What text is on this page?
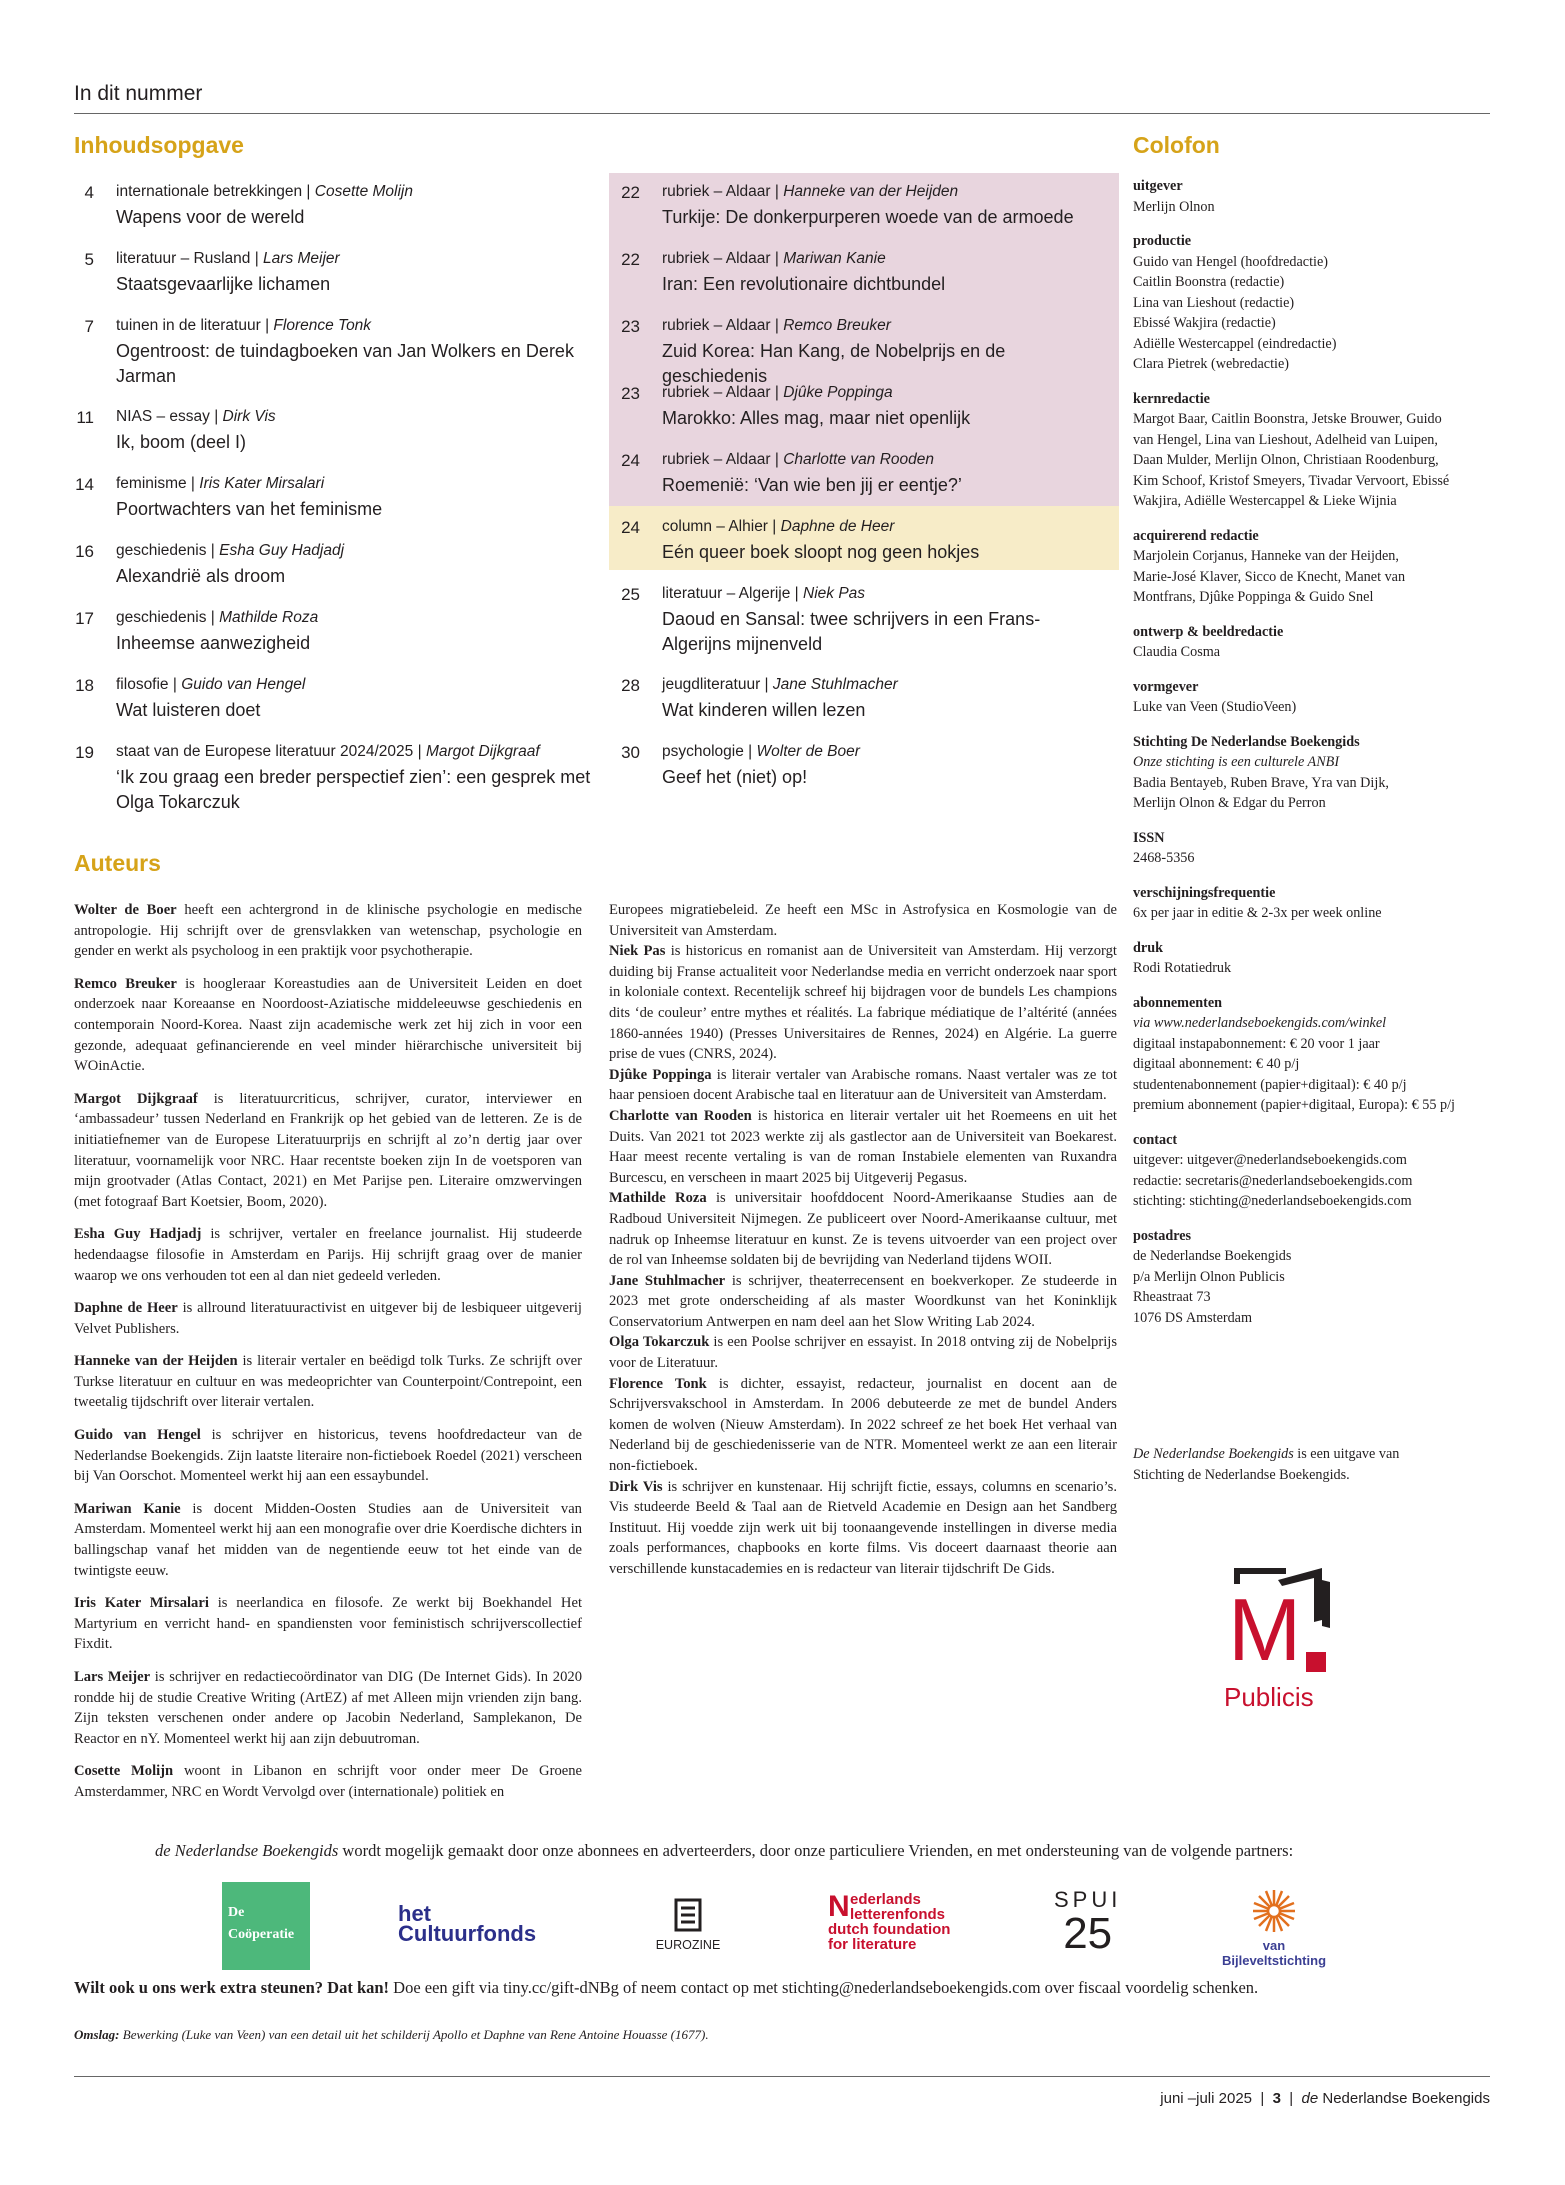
In dit nummer
Inhoudsopgave	Colofon
4 internationale betrekkingen | Cosette Molijn
Wapens voor de wereld
5 literatuur – Rusland | Lars Meijer
Staatsgevaarlijke lichamen
7 tuinen in de literatuur | Florence Tonk
Ogentroost: de tuindagboeken van Jan Wolkers en Derek Jarman
11 NIAS – essay | Dirk Vis
Ik, boom (deel I)
14 feminisme | Iris Kater Mirsalari
Poortwachters van het feminisme
16 geschiedenis | Esha Guy Hadjadj
Alexandrië als droom
17 geschiedenis | Mathilde Roza
Inheemse aanwezigheid
18 filosofie | Guido van Hengel
Wat luisteren doet
19 staat van de Europese literatuur 2024/2025 | Margot Dijkgraaf
‘Ik zou graag een breder perspectief zien’: een gesprek met Olga Tokarczuk
22 rubriek – Aldaar | Hanneke van der Heijden
Turkije: De donkerpurperen woede van de armoede
22 rubriek – Aldaar | Mariwan Kanie
Iran: Een revolutionaire dichtbundel
23 rubriek – Aldaar | Remco Breuker
Zuid Korea: Han Kang, de Nobelprijs en de geschiedenis
23 rubriek – Aldaar | Djûke Poppinga
Marokko: Alles mag, maar niet openlijk
24 rubriek – Aldaar | Charlotte van Rooden
Roemenië: ‘Van wie ben jij er eentje?’
24 column – Alhier | Daphne de Heer
Eén queer boek sloopt nog geen hokjes
25 literatuur – Algerije | Niek Pas
Daoud en Sansal: twee schrijvers in een Frans-Algerijns mijnenveld
28 jeugdliteratuur | Jane Stuhlmacher
Wat kinderen willen lezen
30 psychologie | Wolter de Boer
Geef het (niet) op!
uitgever
Merlijn Olnon
productie
Guido van Hengel (hoofdredactie)
Caitlin Boonstra (redactie)
Lina van Lieshout (redactie)
Ebissé Wakjira (redactie)
Adiëlle Westercappel (eindredactie)
Clara Pietrek (webredactie)
kernredactie
Margot Baar, Caitlin Boonstra, Jetske Brouwer, Guido
van Hengel, Lina van Lieshout, Adelheid van Luipen,
Daan Mulder, Merlijn Olnon, Christiaan Roodenburg,
Kim Schoof, Kristof Smeyers, Tivadar Vervoort, Ebissé
Wakjira, Adiëlle Westercappel & Lieke Wijnia
acquirerend redactie
Marjolein Corjanus, Hanneke van der Heijden,
Marie-José Klaver, Sicco de Knecht, Manet van
Montfrans, Djûke Poppinga & Guido Snel
ontwerp & beeldredactie
Claudia Cosma
vormgever
Luke van Veen (StudioVeen)
Stichting De Nederlandse Boekengids
Onze stichting is een culturele ANBI
Badia Bentayeb, Ruben Brave, Yra van Dijk,
Merlijn Olnon & Edgar du Perron
ISSN
2468-5356
verschijningsfrequentie
6x per jaar in editie & 2-3x per week online
druk
Rodi Rotatiedruk
abonnementen
via www.nederlandseboekengids.com/winkel
digitaal instapabonnement: € 20 voor 1 jaar
digitaal abonnement: € 40 p/j
studentenabonnement (papier+digitaal): € 40 p/j
premium abonnement (papier+digitaal, Europa): € 55 p/j
contact
uitgever: uitgever@nederlandseboekengids.com
redactie: secretaris@nederlandseboekengids.com
stichting: stichting@nederlandseboekengids.com
postadres
de Nederlandse Boekengids
p/a Merlijn Olnon Publicis
Rheastraat 73
1076 DS Amsterdam
De Nederlandse Boekengids is een uitgave van Stichting de Nederlandse Boekengids.
M
Publicis
Auteurs

Wolter de Boer heeft een achtergrond in de klinische psychologie en medische antropologie. Hij schrijft over de grensvlakken van wetenschap, psychologie en gender en werkt als psycholoog in een praktijk voor psychotherapie.

Remco Breuker is hoogleraar Koreastudies aan de Universiteit Leiden en doet onderzoek naar Koreaanse en Noordoost-Aziatische middeleeuwse geschiedenis en contemporain Noord-Korea. Naast zijn academische werk zet hij zich in voor een gezonde, adequaat gefinancierende en veel minder hiërarchische universiteit bij WOinActie.

Margot Dijkgraaf is literatuurcriticus, schrijver, curator, interviewer en ‘ambassadeur’ tussen Nederland en Frankrijk op het gebied van de letteren. Ze is de initiatiefnemer van de Europese Literatuurprijs en schrijft al zo’n dertig jaar over literatuur, voornamelijk voor NRC. Haar recentste boeken zijn In de voetsporen van mijn grootvader (Atlas Contact, 2021) en Met Parijse pen. Literaire omzwervingen (met fotograaf Bart Koetsier, Boom, 2020).

Esha Guy Hadjadj is schrijver, vertaler en freelance journalist. Hij studeerde hedendaagse filosofie in Amsterdam en Parijs. Hij schrijft graag over de manier waarop we ons verhouden tot een al dan niet gedeeld verleden.

Daphne de Heer is allround literatuuractivist en uitgever bij de lesbiqueer uitgeverij Velvet Publishers.

Hanneke van der Heijden is literair vertaler en beëdigd tolk Turks. Ze schrijft over Turkse literatuur en cultuur en was medeoprichter van Counterpoint/Contrepoint, een tweetalig tijdschrift over literair vertalen.

Guido van Hengel is schrijver en historicus, tevens hoofdredacteur van de Nederlandse Boekengids. Zijn laatste literaire non-fictieboek Roedel (2021) verscheen bij Van Oorschot. Momenteel werkt hij aan een essaybundel.

Mariwan Kanie is docent Midden-Oosten Studies aan de Universiteit van Amsterdam. Momenteel werkt hij aan een monografie over drie Koerdische dichters in ballingschap vanaf het midden van de negentiende eeuw tot het einde van de twintigste eeuw.

Iris Kater Mirsalari is neerlandica en filosofe. Ze werkt bij Boekhandel Het Martyrium en verricht hand- en spandiensten voor feministisch schrijverscollectief Fixdit.

Lars Meijer is schrijver en redactiecoördinator van DIG (De Internet Gids). In 2020 rondde hij de studie Creative Writing (ArtEZ) af met Alleen mijn vrienden zijn bang. Zijn teksten verschenen onder andere op Jacobin Nederland, Samplekanon, De Reactor en nY. Momenteel werkt hij aan zijn debuutroman.

Cosette Molijn woont in Libanon en schrijft voor onder meer De Groene Amsterdammer, NRC en Wordt Vervolgd over (internationale) politiek en

Europees migratiebeleid. Ze heeft een MSc in Astrofysica en Kosmologie van de Universiteit van Amsterdam.

Niek Pas is historicus en romanist aan de Universiteit van Amsterdam. Hij verzorgt duiding bij Franse actualiteit voor Nederlandse media en verricht onderzoek naar sport in koloniale context. Recentelijk schreef hij bijdragen voor de bundels Les champions dits ‘de couleur’ entre mythes et réalités. La fabrique médiatique de l’altérité (années 1860-années 1940) (Presses Universitaires de Rennes, 2024) en Algérie. La guerre prise de vues (CNRS, 2024).

Djûke Poppinga is literair vertaler van Arabische romans. Naast vertaler was ze tot haar pensioen docent Arabische taal en literatuur aan de Universiteit van Amsterdam.

Charlotte van Rooden is historica en literair vertaler uit het Roemeens en uit het Duits. Van 2021 tot 2023 werkte zij als gastlector aan de Universiteit van Boekarest. Haar meest recente vertaling is van de roman Instabiele elementen van Ruxandra Burcescu, en verscheen in maart 2025 bij Uitgeverij Pegasus.

Mathilde Roza is universitair hoofddocent Noord-Amerikaanse Studies aan de Radboud Universiteit Nijmegen. Ze publiceert over Noord-Amerikaanse cultuur, met nadruk op Inheemse literatuur en kunst. Ze is tevens uitvoerder van een project over de rol van Inheemse soldaten bij de bevrijding van Nederland tijdens WOII.

Jane Stuhlmacher is schrijver, theaterrecensent en boekverkoper. Ze studeerde in 2023 met grote onderscheiding af als master Woordkunst van het Koninklijk Conservatorium Antwerpen en nam deel aan het Slow Writing Lab 2024.

Olga Tokarczuk is een Poolse schrijver en essayist. In 2018 ontving zij de Nobelprijs voor de Literatuur.

Florence Tonk is dichter, essayist, redacteur, journalist en docent aan de Schrijversvakschool in Amsterdam. In 2006 debuteerde ze met de bundel Anders komen de wolven (Nieuw Amsterdam). In 2022 schreef ze het boek Het verhaal van Nederland bij de geschiedenisserie van de NTR. Momenteel werkt ze aan een literair non-fictieboek.

Dirk Vis is schrijver en kunstenaar. Hij schrijft fictie, essays, columns en scenario’s. Vis studeerde Beeld & Taal aan de Rietveld Academie en Design aan het Sandberg Instituut. Hij voedde zijn werk uit bij toonaangevende instellingen in diverse media zoals performances, chapbooks en korte films. Vis doceert daarnaast theorie aan verschillende kunstacademies en is redacteur van literair tijdschrift De Gids.

de Nederlandse Boekengids wordt mogelijk gemaakt door onze abonnees en adverteerders, door onze particuliere Vrienden, en met ondersteuning van de volgende partners:
De
Coöperatie
het
Cultuurfonds	EUROZINE
N ederlands
letterenfonds
dutch foundation
for literature
SPUI
25	van Bijleveltstichting
Wilt ook u ons werk extra steunen? Dat kan! Doe een gift via tiny.cc/gift-dNBg of neem contact op met stichting@nederlandseboekengids.com over fiscaal voordelig schenken.
Omslag: Bewerking (Luke van Veen) van een detail uit het schilderij Apollo et Daphne van Rene Antoine Houasse (1677).
juni –juli 2025  |  3  |  de Nederlandse Boekengids
